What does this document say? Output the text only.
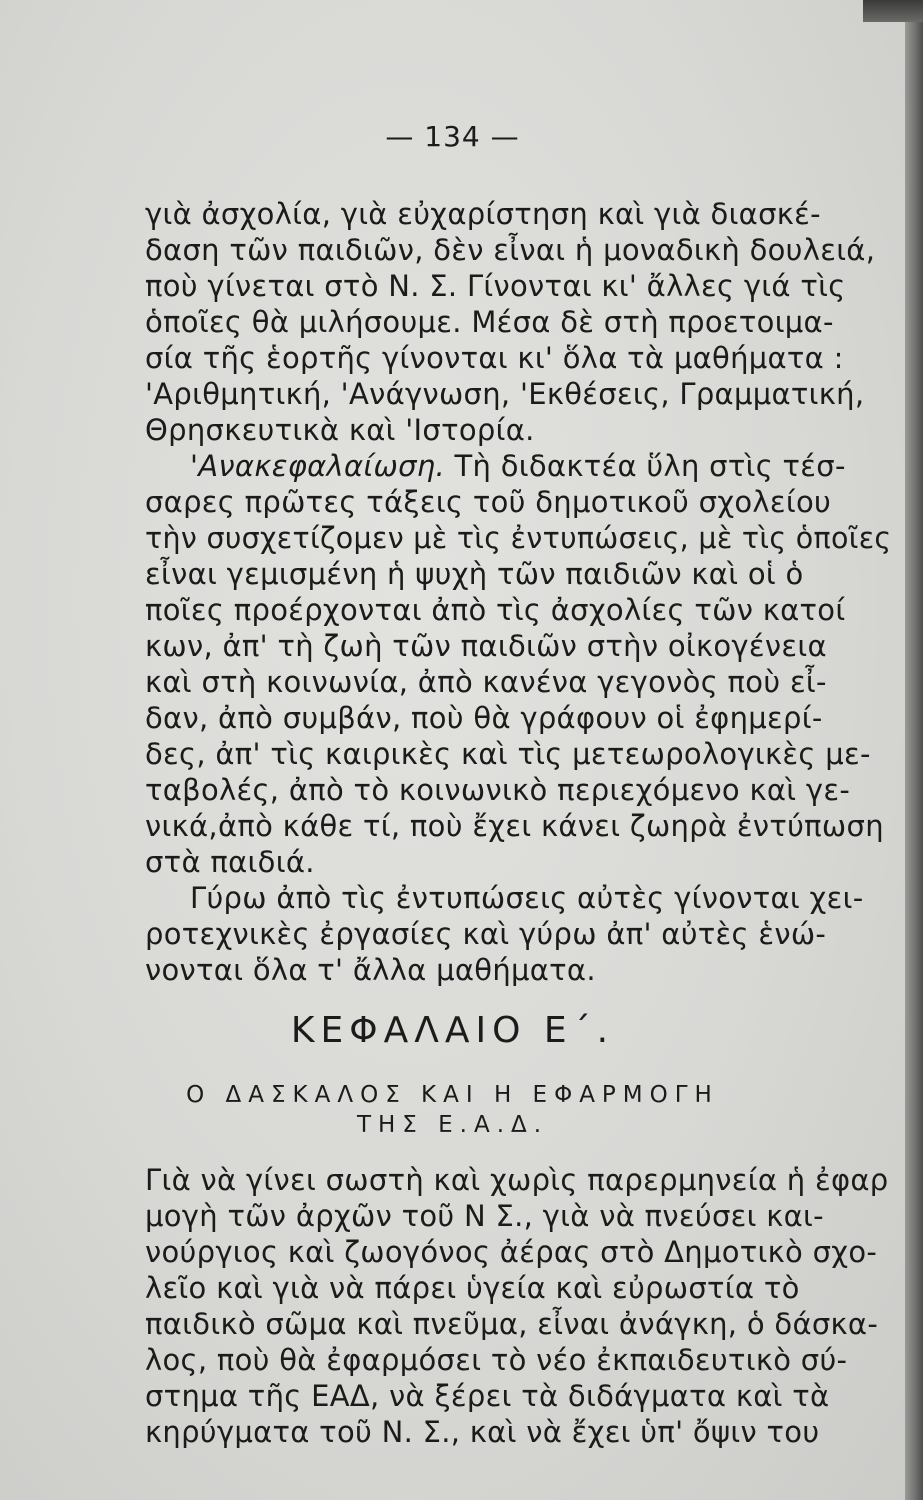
— 134 —
γιὰ ἀσχολία, γιὰ εὐχαρίστηση καὶ γιὰ διασκέ-
δαση τῶν παιδιῶν, δὲν εἶναι ἡ μοναδικὴ δουλειά,
ποὺ γίνεται στὸ Ν. Σ. Γίνονται κι' ἄλλες γιά τὶς
ὁποῖες θὰ μιλήσουμε. Μέσα δὲ στὴ προετοιμα-
σία τῆς ἑορτῆς γίνονται κι' ὅλα τὰ μαθήματα :
'Αριθμητική, 'Ανάγνωση, 'Εκθέσεις, Γραμματική,
Θρησκευτικὰ καὶ 'Ιστορία.
'Ανακεφαλαίωση. Τὴ διδακτέα ὕλη στὶς τέσ-
σαρες πρῶτες τάξεις τοῦ δημοτικοῦ σχολείου
τὴν συσχετίζομεν μὲ τὶς ἐντυπώσεις, μὲ τὶς ὁποῖες
εἶναι γεμισμένη ἡ ψυχὴ τῶν παιδιῶν καὶ οἱ ὁ
ποῖες προέρχονται ἀπὸ τὶς ἀσχολίες τῶν κατοί
κων, ἀπ' τὴ ζωὴ τῶν παιδιῶν στὴν οἰκογένεια
καὶ στὴ κοινωνία, ἀπὸ κανένα γεγονὸς ποὺ εἶ-
δαν, ἀπὸ συμβάν, ποὺ θὰ γράφουν οἱ ἐφημερί-
δες, ἀπ' τὶς καιρικὲς καὶ τὶς μετεωρολογικὲς με-
ταβολές, ἀπὸ τὸ κοινωνικὸ περιεχόμενο καὶ γε-
νικά,ἀπὸ κάθε τί, ποὺ ἔχει κάνει ζωηρὰ ἐντύπωση
στὰ παιδιά.
Γύρω ἀπὸ τὶς ἐντυπώσεις αὐτὲς γίνονται χει-
ροτεχνικὲς ἐργασίες καὶ γύρω ἀπ' αὐτὲς ἑνώ-
νονται ὅλα τ' ἄλλα μαθήματα.
ΚΕΦΑΛΑΙΟ Ε΄.
Ο ΔΑΣΚΑΛΟΣ ΚΑΙ Η ΕΦΑΡΜΟΓΗ
ΤΗΣ Ε.Α.Δ.
Γιὰ νὰ γίνει σωστὴ καὶ χωρὶς παρερμηνεία ἡ ἐφαρ
μογὴ τῶν ἀρχῶν τοῦ Ν Σ., γιὰ νὰ πνεύσει και-
νούργιος καὶ ζωογόνος ἀέρας στὸ Δημοτικὸ σχο-
λεῖο καὶ γιὰ νὰ πάρει ὑγεία καὶ εὐρωστία τὸ
παιδικὸ σῶμα καὶ πνεῦμα, εἶναι ἀνάγκη, ὁ δάσκα-
λος, ποὺ θὰ ἐφαρμόσει τὸ νέο ἐκπαιδευτικὸ σύ-
στημα τῆς ΕΑΔ, νὰ ξέρει τὰ διδάγματα καὶ τὰ
κηρύγματα τοῦ Ν. Σ., καὶ νὰ ἔχει ὑπ' ὄψιν του
